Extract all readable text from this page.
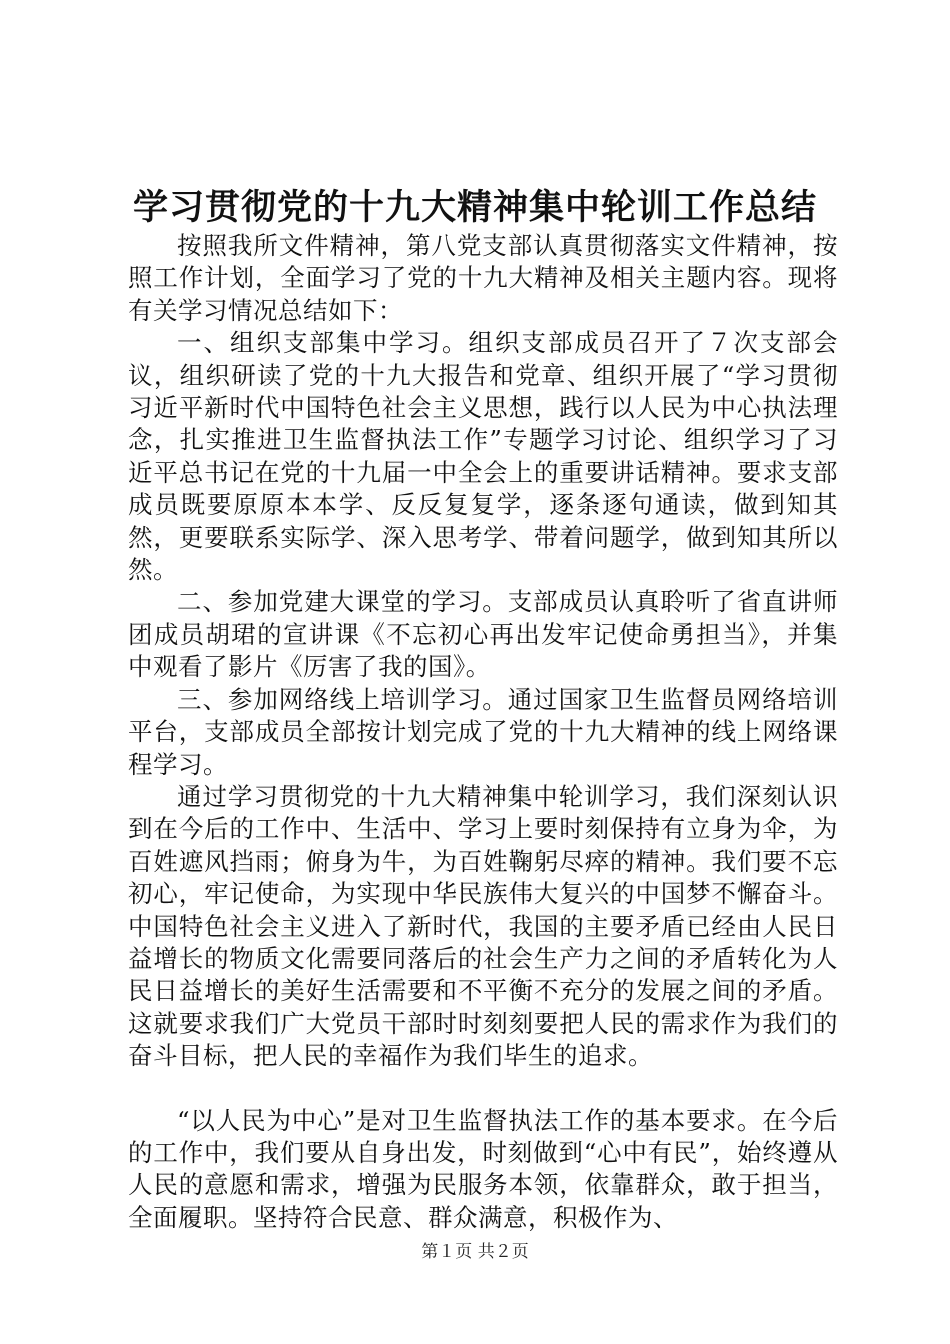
学习贯彻党的十九大精神集中轮训工作总结

按照我所文件精神，第八党支部认真贯彻落实文件精神，按照工作计划，全面学习了党的十九大精神及相关主题内容。现将有关学习情况总结如下：

一、组织支部集中学习。组织支部成员召开了７次支部会议，组织研读了党的十九大报告和党章、组织开展了“学习贯彻习近平新时代中国特色社会主义思想，践行以人民为中心执法理念，扎实推进卫生监督执法工作”专题学习讨论、组织学习了习近平总书记在党的十九届一中全会上的重要讲话精神。要求支部成员既要原原本本学、反反复复学，逐条逐句通读，做到知其然，更要联系实际学、深入思考学、带着问题学，做到知其所以然。

二、参加党建大课堂的学习。支部成员认真聆听了省直讲师团成员胡珺的宣讲课《不忘初心再出发牢记使命勇担当》，并集中观看了影片《厉害了我的国》。

三、参加网络线上培训学习。通过国家卫生监督员网络培训平台，支部成员全部按计划完成了党的十九大精神的线上网络课程学习。

通过学习贯彻党的十九大精神集中轮训学习，我们深刻认识到在今后的工作中、生活中、学习上要时刻保持有立身为伞，为百姓遮风挡雨；俯身为牛，为百姓鞠躬尽瘁的精神。我们要不忘初心，牢记使命，为实现中华民族伟大复兴的中国梦不懈奋斗。中国特色社会主义进入了新时代，我国的主要矛盾已经由人民日益增长的物质文化需要同落后的社会生产力之间的矛盾转化为人民日益增长的美好生活需要和不平衡不充分的发展之间的矛盾。这就要求我们广大党员干部时时刻刻要把人民的需求作为我们的奋斗目标，把人民的幸福作为我们毕生的追求。

“以人民为中心”是对卫生监督执法工作的基本要求。在今后的工作中，我们要从自身出发，时刻做到“心中有民”，始终遵从人民的意愿和需求，增强为民服务本领，依靠群众，敢于担当，全面履职。坚持符合民意、群众满意，积极作为、

第１页 共２页
